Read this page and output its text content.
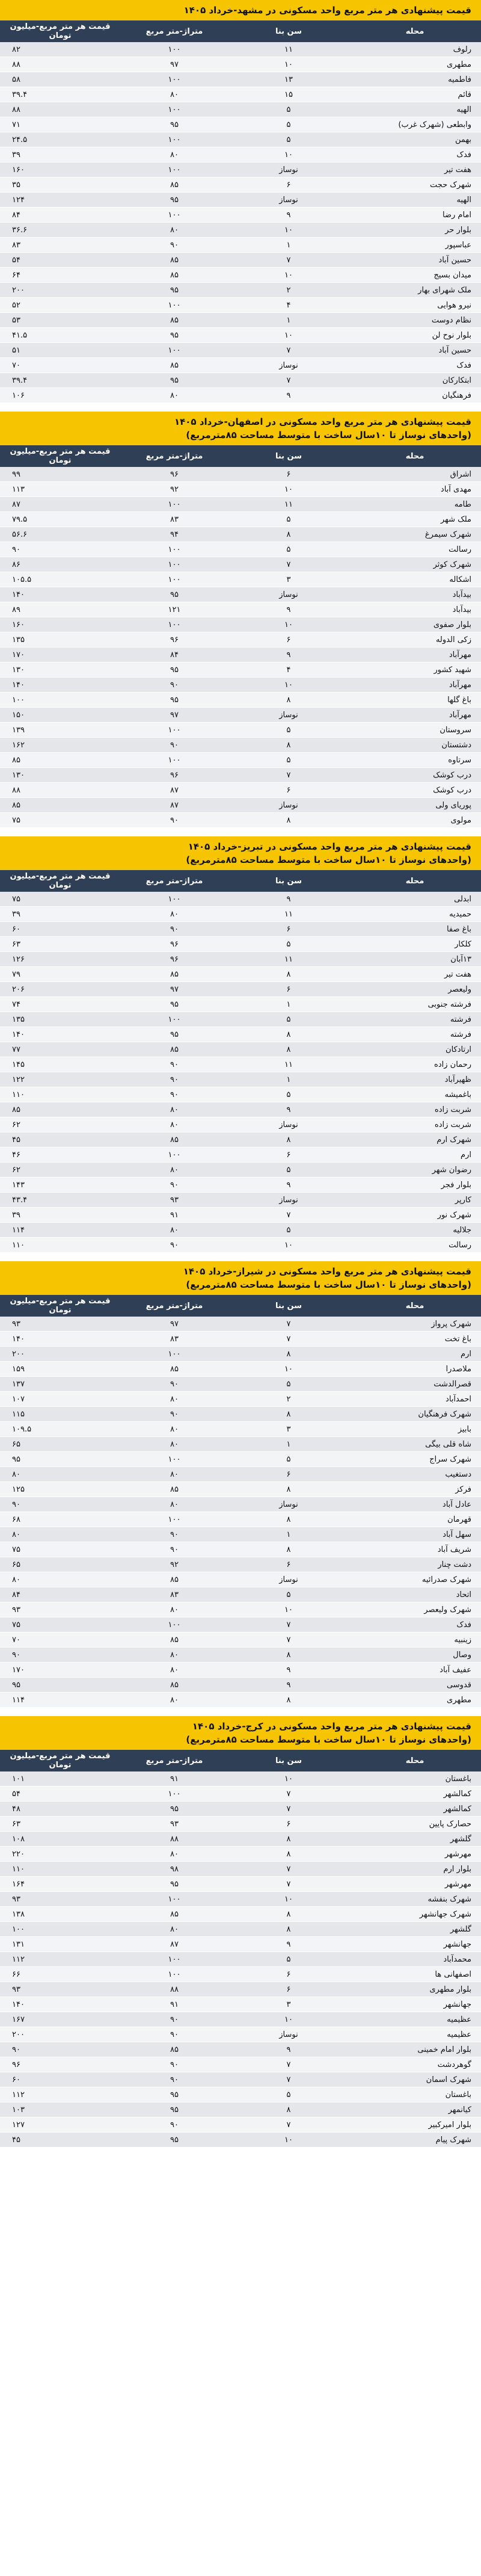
قیمت پیشنهادی هر متر مربع واحد مسکونی در مشهد-خرداد ۱۴۰۵
محله	سن بنا	متراژ-متر مربع	قیمت هر متر مربع-میلیون تومان
رلوف	۱۱	۱۰۰	۸۲
مطهری	۱۰	۹۷	۸۸
فاطمیه	۱۳	۱۰۰	۵۸
قائم	۱۵	۸۰	۳۹.۴
الهیه	۵	۱۰۰	۸۸
وابطعی (شهرک غرب)	۵	۹۵	۷۱
بهمن	۵	۱۰۰	۲۴.۵
فدک	۱۰	۸۰	۳۹
هفت تیر	نوساز	۱۰۰	۱۶۰
شهرک حجت	۶	۸۵	۳۵
الهیه	نوساز	۹۵	۱۲۴
امام رضا	۹	۱۰۰	۸۴
بلوار حر	۱۰	۸۰	۳۶.۶
عباسپور	۱	۹۰	۸۳
حسین آباد	۷	۸۵	۵۴
میدان بسیج	۱۰	۸۵	۶۴
ملک شهرای بهار	۲	۹۵	۲۰۰
نیرو هوایی	۴	۱۰۰	۵۲
نظام دوست	۱	۸۵	۵۳
بلوار نوح لن	۱۰	۹۵	۴۱.۵
حسین آباد	۷	۱۰۰	۵۱
فدک	نوساز	۸۵	۷۰
ابتکارکان	۷	۹۵	۳۹.۴
فرهنگیان	۹	۸۰	۱۰۶
قیمت پیشنهادی هر متر مربع واحد مسکونی در اصفهان-خرداد ۱۴۰۵
(واحدهای نوساز تا ۱۰سال ساخت با متوسط مساحت ۸۵مترمربع)
محله	سن بنا	متراژ-متر مربع	قیمت هر متر مربع-میلیون تومان
اشراق	۶	۹۶	۹۹
مهدی آباد	۱۰	۹۲	۱۱۳
طامه	۱۱	۱۰۰	۸۷
ملک شهر	۵	۸۳	۷۹.۵
شهرک سیمرغ	۸	۹۴	۵۶.۶
رسالت	۵	۱۰۰	۹۰
شهرک کوثر	۷	۱۰۰	۸۶
اشکاله	۳	۱۰۰	۱۰۵.۵
بیدآباد	نوساز	۹۵	۱۴۰
بیدآباد	۹	۱۲۱	۸۹
بلوار صفوی	۱۰	۱۰۰	۱۶۰
زکی الدوله	۶	۹۶	۱۳۵
مهرآباد	۹	۸۴	۱۷۰
شهید کشور	۴	۹۵	۱۳۰
مهرآباد	۱۰	۹۰	۱۴۰
باغ گلها	۸	۹۵	۱۰۰
مهرآباد	نوساز	۹۷	۱۵۰
سروستان	۵	۱۰۰	۱۳۹
دشتستان	۸	۹۰	۱۶۲
سرتاوه	۵	۱۰۰	۸۵
درب کوشک	۷	۹۶	۱۳۰
درب کوشک	۶	۸۷	۸۸
پوریای ولی	نوساز	۸۷	۸۵
مولوی	۸	۹۰	۷۵
قیمت پیشنهادی هر متر مربع واحد مسکونی در تبریز-خرداد ۱۴۰۵
(واحدهای نوساز تا ۱۰سال ساخت با متوسط مساحت ۸۵مترمربع)
محله	سن بنا	متراژ-متر مربع	قیمت هر متر مربع-میلیون تومان
ابدلی	۹	۱۰۰	۷۵
حمیدیه	۱۱	۸۰	۳۹
باغ صفا	۶	۹۰	۶۰
کلکار	۵	۹۶	۶۳
۱۳آبان	۱۱	۹۶	۱۲۶
هفت تیر	۸	۸۵	۷۹
ولیعصر	۶	۹۷	۲۰۶
فرشته جنوبی	۱	۹۵	۷۴
فرشته	۵	۱۰۰	۱۳۵
فرشته	۸	۹۵	۱۴۰
ارتادکان	۸	۸۵	۷۷
رحمان زاده	۱۱	۹۰	۱۴۵
ظهیرآباد	۱	۹۰	۱۲۲
باغمیشه	۵	۹۰	۱۱۰
شربت زاده	۹	۸۰	۸۵
شربت زاده	نوساز	۸۰	۶۲
شهرک ارم	۸	۸۵	۴۵
ارم	۶	۱۰۰	۴۶
رضوان شهر	۵	۸۰	۶۲
بلوار فجر	۹	۹۰	۱۴۳
کارپر	نوساز	۹۳	۴۳.۴
شهرک نور	۷	۹۱	۳۹
جلالیه	۵	۸۰	۱۱۴
رسالت	۱۰	۹۰	۱۱۰
قیمت پیشنهادی هر متر مربع واحد مسکونی در شیراز-خرداد ۱۴۰۵
(واحدهای نوساز تا ۱۰سال ساخت با متوسط مساحت ۸۵مترمربع)
محله	سن بنا	متراژ-متر مربع	قیمت هر متر مربع-میلیون تومان
شهرک پرواز	۷	۹۷	۹۳
باغ تخت	۷	۸۳	۱۴۰
ارم	۸	۱۰۰	۲۰۰
ملاصدرا	۱۰	۸۵	۱۵۹
قصرالدشت	۵	۹۰	۱۳۷
احمدآباد	۲	۸۰	۱۰۷
شهرک فرهنگیان	۸	۹۰	۱۱۵
بابیز	۳	۸۰	۱۰۹.۵
شاه قلی بیگی	۱	۸۰	۶۵
شهرک سراج	۵	۱۰۰	۹۵
دستغیب	۶	۸۰	۸۰
فرکز	۸	۸۵	۱۲۵
عادل آباد	نوساز	۸۰	۹۰
قهرمان	۸	۱۰۰	۶۸
سهل آباد	۱	۹۰	۸۰
شریف آباد	۸	۹۰	۷۵
دشت چنار	۶	۹۲	۶۵
شهرک صدرائیه	نوساز	۸۵	۸۰
اتحاد	۵	۸۳	۸۴
شهرک ولیعصر	۱۰	۸۰	۹۳
فدک	۷	۱۰۰	۷۵
زینبیه	۷	۸۵	۷۰
وصال	۸	۸۰	۹۰
عفیف آباد	۹	۸۰	۱۷۰
قدوسی	۹	۸۵	۹۵
مطهری	۸	۸۰	۱۱۴
قیمت پیشنهادی هر متر مربع واحد مسکونی در کرج-خرداد ۱۴۰۵
(واحدهای نوساز تا ۱۰سال ساخت با متوسط مساحت ۸۵مترمربع)
محله	سن بنا	متراژ-متر مربع	قیمت هر متر مربع-میلیون تومان
باغستان	۱۰	۹۱	۱۰۱
کمالشهر	۷	۱۰۰	۵۴
کمالشهر	۷	۹۵	۴۸
حصارک پایین	۶	۹۳	۶۳
گلشهر	۸	۸۸	۱۰۸
مهرشهر	۸	۸۰	۲۲۰
بلوار ارم	۷	۹۸	۱۱۰
مهرشهر	۷	۹۵	۱۶۴
شهرک بنفشه	۱۰	۱۰۰	۹۳
شهرک جهانشهر	۸	۸۵	۱۳۸
گلشهر	۸	۸۰	۱۰۰
جهانشهر	۹	۸۷	۱۳۱
محمدآباد	۵	۱۰۰	۱۱۲
اصفهانی ها	۶	۱۰۰	۶۶
بلوار مطهری	۶	۸۸	۹۳
جهانشهر	۳	۹۱	۱۴۰
عظیمیه	۱۰	۹۰	۱۶۷
عظیمیه	نوساز	۹۰	۲۰۰
بلوار امام خمینی	۹	۸۵	۹۰
گوهردشت	۷	۹۰	۹۶
شهرک اسمان	۷	۹۰	۶۰
باغستان	۵	۹۵	۱۱۲
کیانمهر	۸	۹۵	۱۰۳
بلوار امیرکبیر	۷	۹۰	۱۲۷
شهرک پیام	۱۰	۹۵	۴۵
